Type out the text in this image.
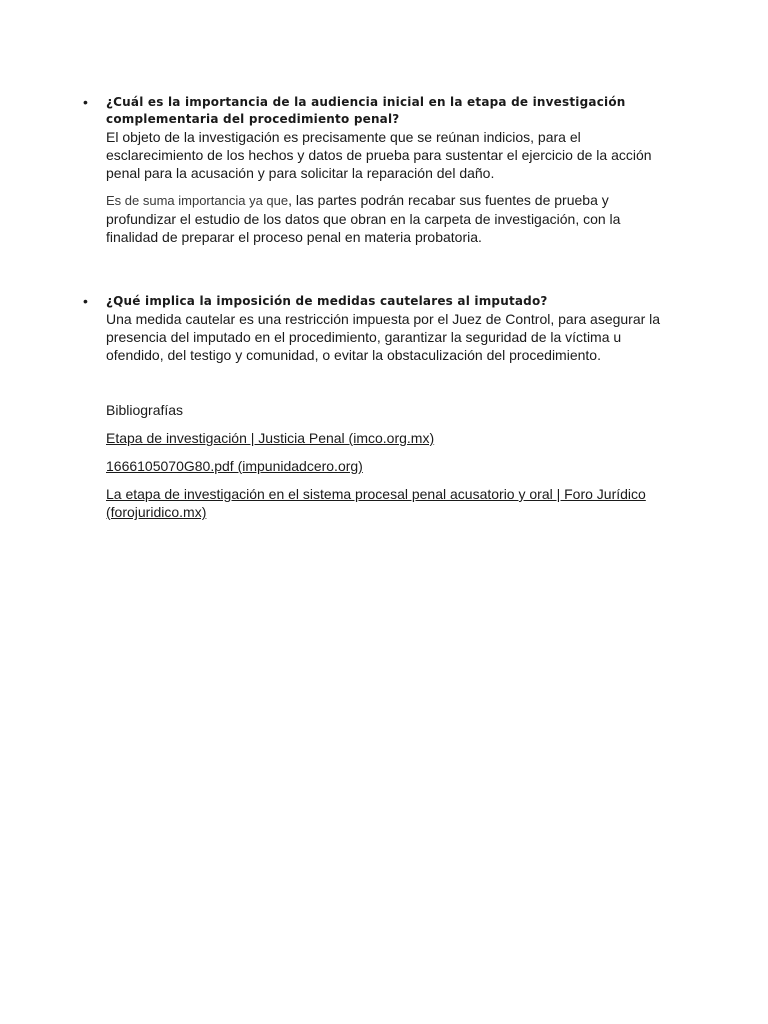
• ¿Cuál es la importancia de la audiencia inicial en la etapa de investigación complementaria del procedimiento penal?

El objeto de la investigación es precisamente que se reúnan indicios, para el esclarecimiento de los hechos y datos de prueba para sustentar el ejercicio de la acción penal para la acusación y para solicitar la reparación del daño.

Es de suma importancia ya que, las partes podrán recabar sus fuentes de prueba y profundizar el estudio de los datos que obran en la carpeta de investigación, con la finalidad de preparar el proceso penal en materia probatoria.

• ¿Qué implica la imposición de medidas cautelares al imputado?

Una medida cautelar es una restricción impuesta por el Juez de Control, para asegurar la presencia del imputado en el procedimiento, garantizar la seguridad de la víctima u ofendido, del testigo y comunidad, o evitar la obstaculización del procedimiento.

Bibliografías

Etapa de investigación | Justicia Penal (imco.org.mx)
1666105070G80.pdf (impunidadcero.org)
La etapa de investigación en el sistema procesal penal acusatorio y oral | Foro Jurídico (forojuridico.mx)
